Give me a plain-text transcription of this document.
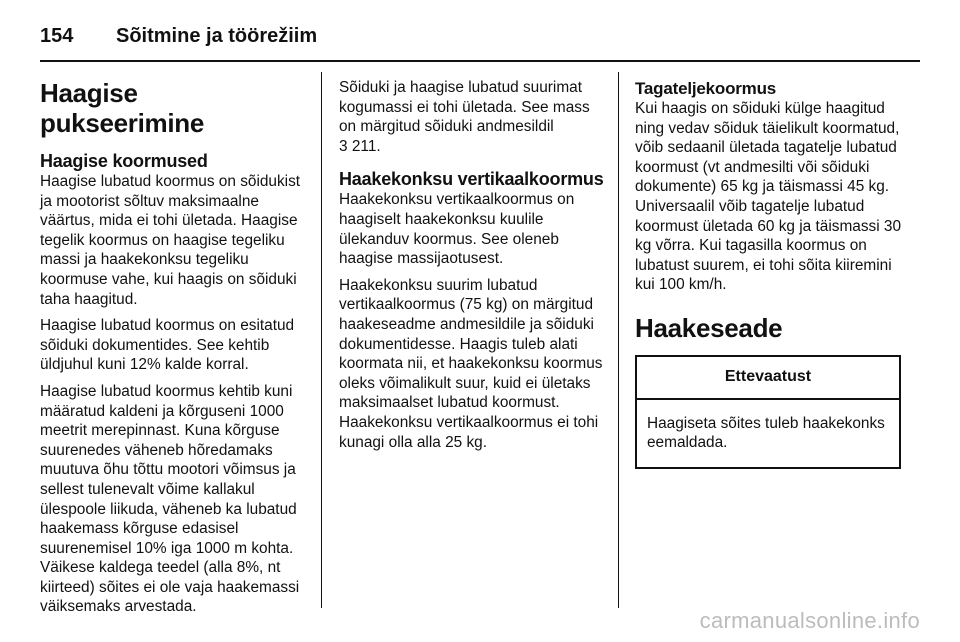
154	Sõitmine ja töörežiim
Haagise pukseerimine
Haagise koormused

Haagise lubatud koormus on sõidukist ja mootorist sõltuv maksimaalne väärtus, mida ei tohi ületada. Haagise tegelik koormus on haagise tegeliku massi ja haakekonksu tegeliku koormuse vahe, kui haagis on sõiduki taha haagitud.

Haagise lubatud koormus on esitatud sõiduki dokumentides. See kehtib üldjuhul kuni 12% kalde korral.

Haagise lubatud koormus kehtib kuni määratud kaldeni ja kõrguseni 1000 meetrit merepinnast. Kuna kõrguse suurenedes väheneb hõredamaks muutuva õhu tõttu mootori võimsus ja sellest tulenevalt võime kallakul ülespoole liikuda, väheneb ka lubatud haakemass kõrguse edasisel suurenemisel 10% iga 1000 m kohta. Väikese kaldega teedel (alla 8%, nt kiirteed) sõites ei ole vaja haakemassi väiksemaks arvestada.

Sõiduki ja haagise lubatud suurimat kogumassi ei tohi ületada. See mass on märgitud sõiduki andmesildil
3 211.

Haakekonksu vertikaalkoormus

Haakekonksu vertikaalkoormus on haagiselt haakekonksu kuulile ülekanduv koormus. See oleneb haagise massijaotusest.

Haakekonksu suurim lubatud vertikaalkoormus (75 kg) on märgitud haakeseadme andmesildile ja sõiduki dokumentidesse. Haagis tuleb alati koormata nii, et haakekonksu koormus oleks võimalikult suur, kuid ei ületaks maksimaalset lubatud koormust. Haakekonksu vertikaalkoormus ei tohi kunagi olla alla 25 kg.

Tagateljekoormus

Kui haagis on sõiduki külge haagitud ning vedav sõiduk täielikult koormatud, võib sedaanil ületada tagatelje lubatud koormust (vt andmesilti või sõiduki dokumente) 65 kg ja täismassi 45 kg. Universaalil võib tagatelje lubatud koormust ületada 60 kg ja täismassi 30 kg võrra. Kui tagasilla koormus on lubatust suurem, ei tohi sõita kiiremini kui 100 km/h.

Haakeseade
Ettevaatust
Haagiseta sõites tuleb haakekonks eemaldada.
carmanualsonline.info
